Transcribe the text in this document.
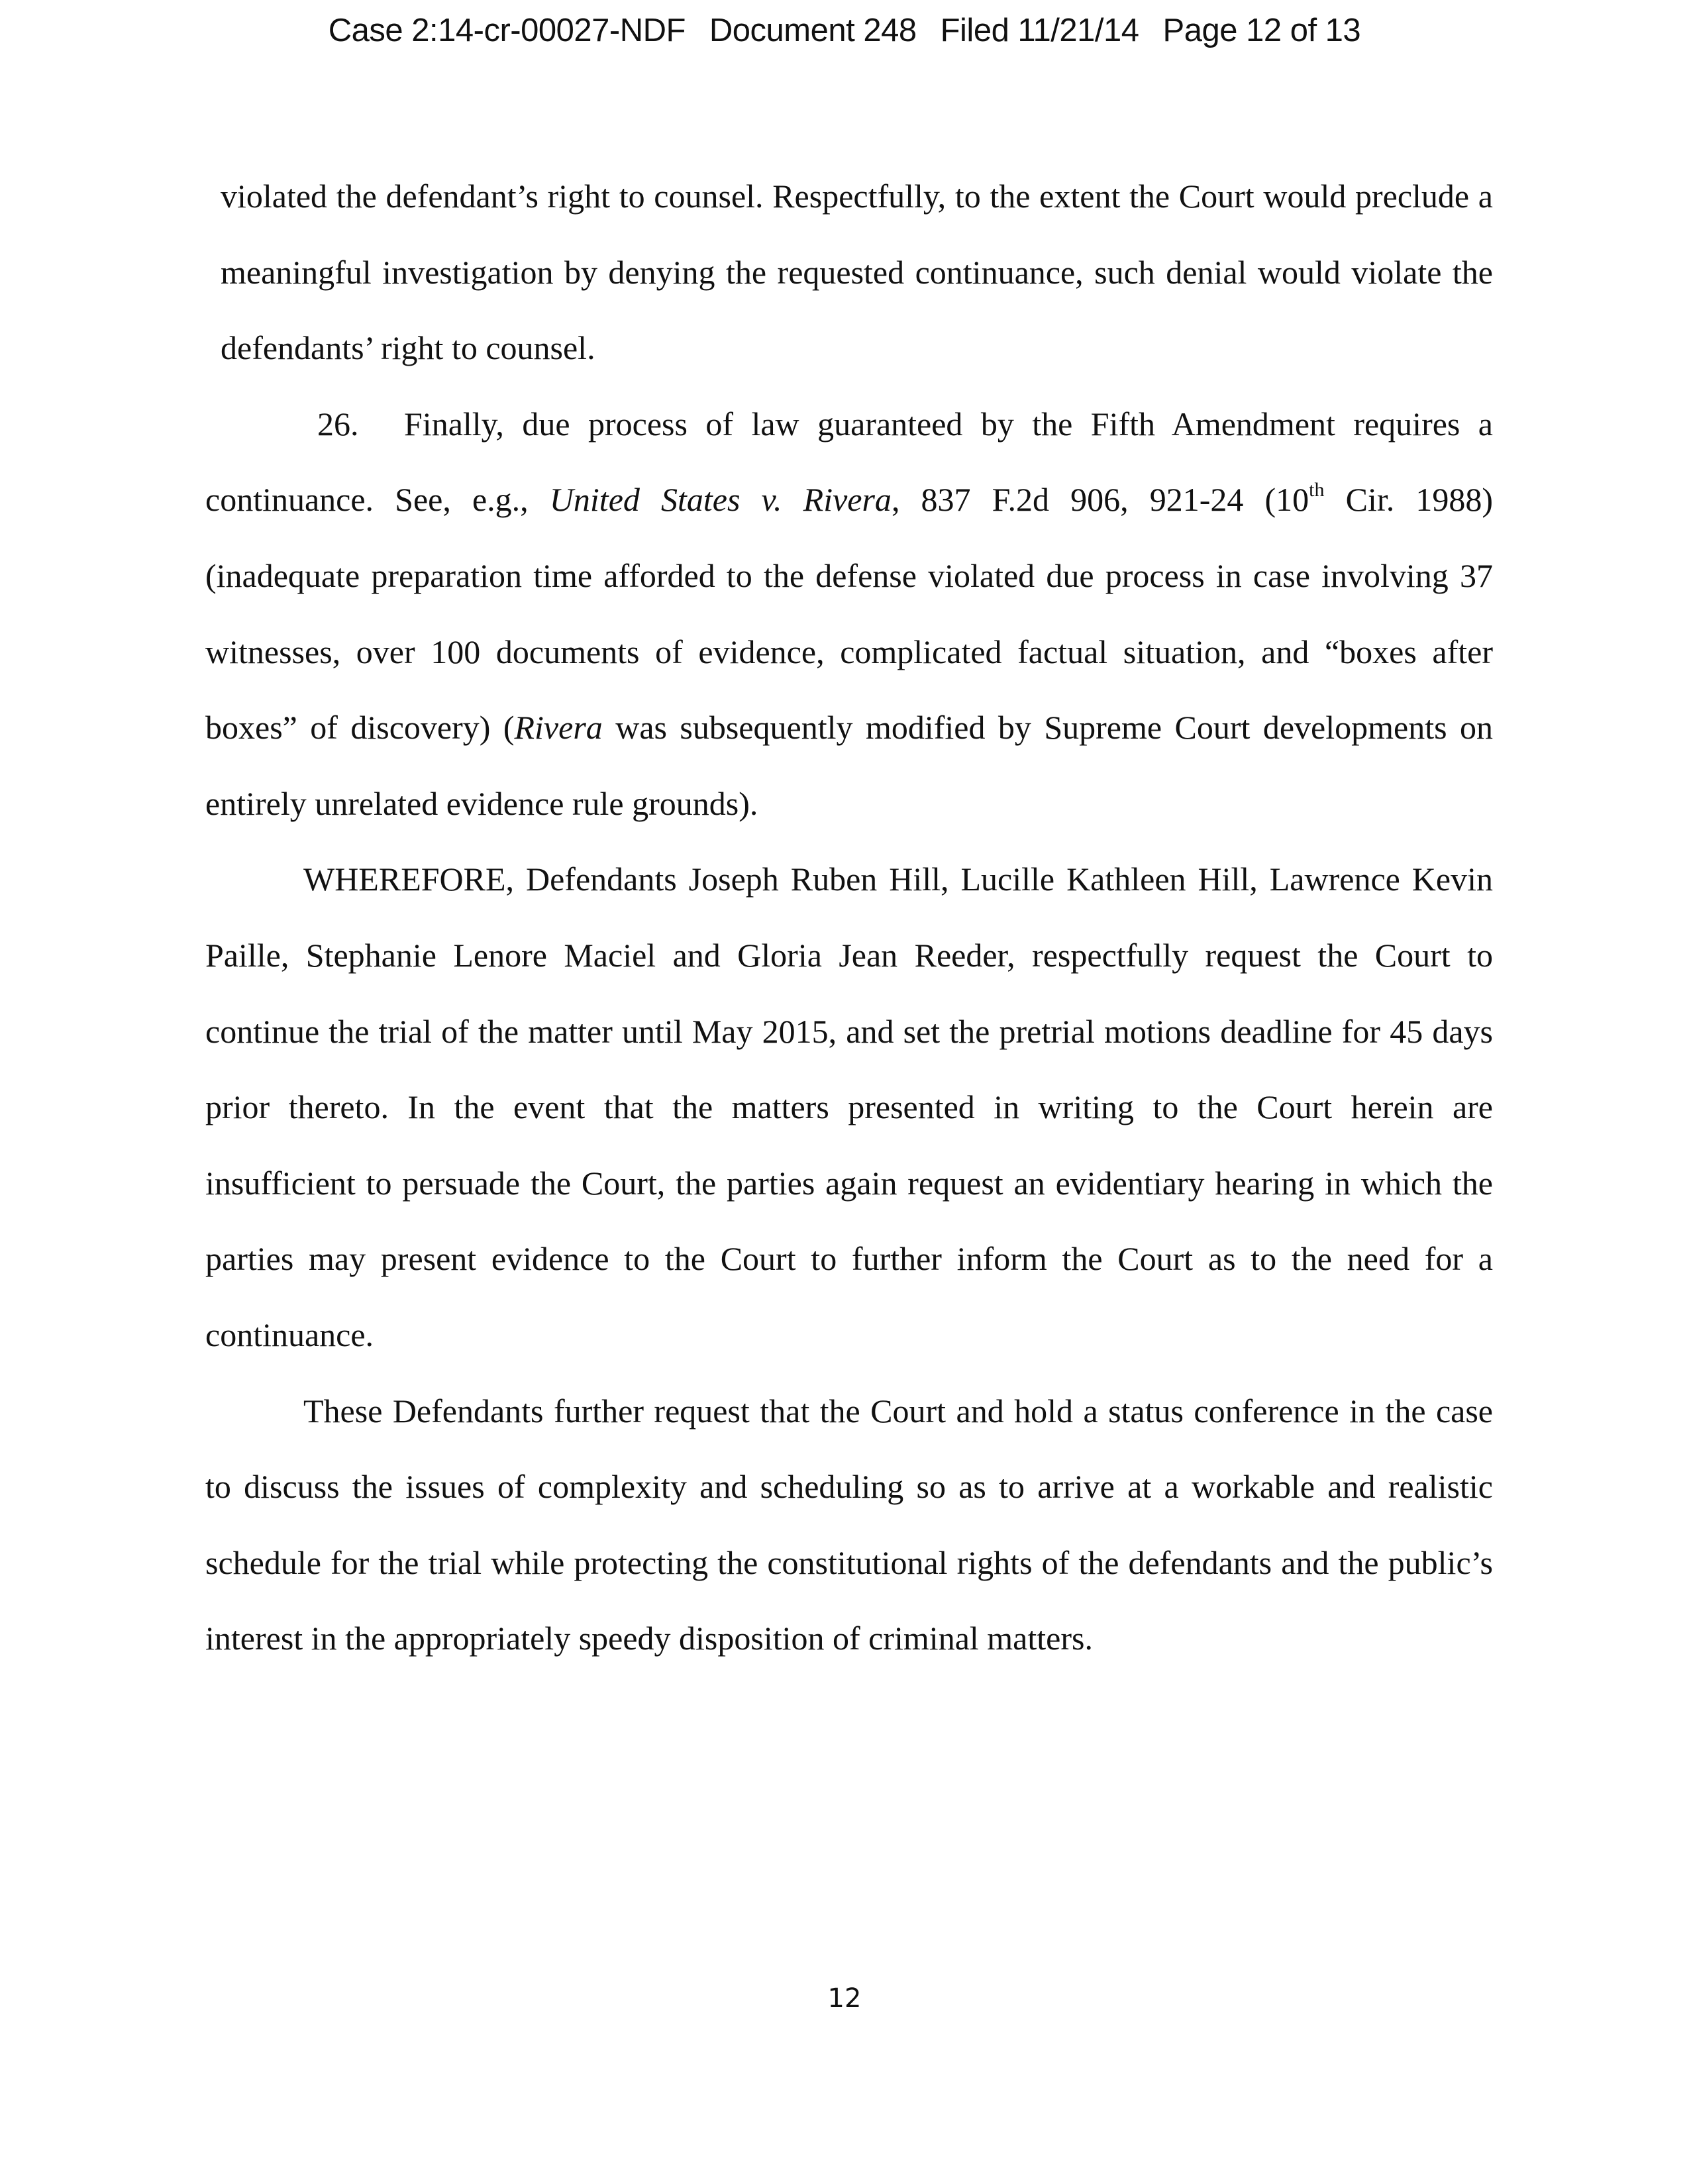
Case 2:14-cr-00027-NDF Document 248 Filed 11/21/14 Page 12 of 13
violated the defendant’s right to counsel. Respectfully, to the extent the Court would preclude a
meaningful investigation by denying the requested continuance, such denial would violate the
defendants’ right to counsel.
26. Finally, due process of law guaranteed by the Fifth Amendment requires a
continuance. See, e.g., United States v. Rivera, 837 F.2d 906, 921-24 (10th Cir. 1988)
(inadequate preparation time afforded to the defense violated due process in case involving 37
witnesses, over 100 documents of evidence, complicated factual situation, and “boxes after
boxes” of discovery) (Rivera was subsequently modified by Supreme Court developments on
entirely unrelated evidence rule grounds).
WHEREFORE, Defendants Joseph Ruben Hill, Lucille Kathleen Hill, Lawrence Kevin
Paille, Stephanie Lenore Maciel and Gloria Jean Reeder, respectfully request the Court to
continue the trial of the matter until May 2015, and set the pretrial motions deadline for 45 days
prior thereto. In the event that the matters presented in writing to the Court herein are
insufficient to persuade the Court, the parties again request an evidentiary hearing in which the
parties may present evidence to the Court to further inform the Court as to the need for a
continuance.
These Defendants further request that the Court and hold a status conference in the case
to discuss the issues of complexity and scheduling so as to arrive at a workable and realistic
schedule for the trial while protecting the constitutional rights of the defendants and the public’s
interest in the appropriately speedy disposition of criminal matters.
12
